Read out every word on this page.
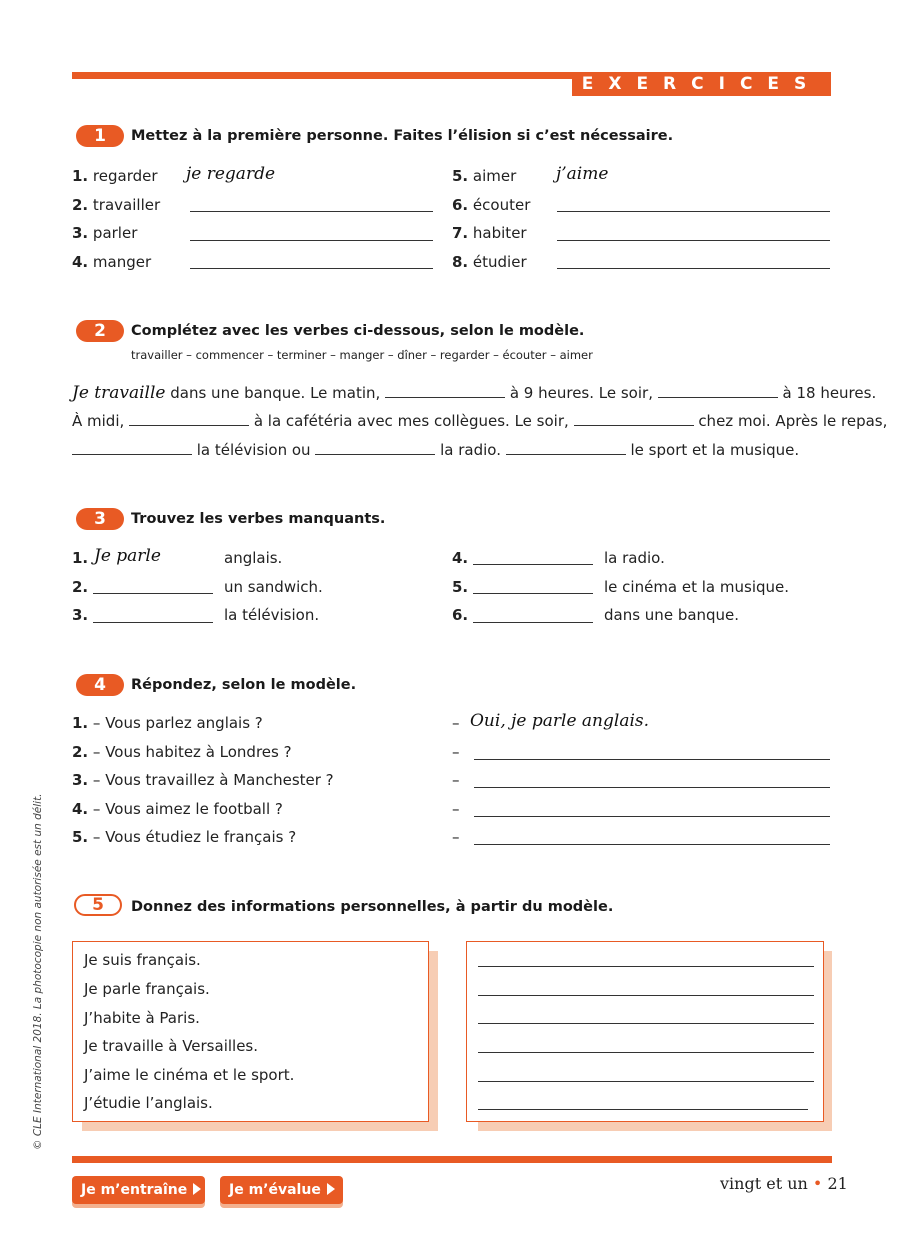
EXERCICES
1	Mettez à la première personne. Faites l’élision si c’est nécessaire.
1. regarder je regarde
2. travailler
3. parler
4. manger
5. aimer j’aime
6. écouter
7. habiter
8. étudier
2	Complétez avec les verbes ci-dessous, selon le modèle.
travailler – commencer – terminer – manger – dîner – regarder – écouter – aimer
Je travaille dans une banque. Le matin,	à 9 heures. Le soir,	à 18 heures.
À midi,	à la cafétéria avec mes collègues. Le soir,	chez moi. Après le repas,
la télévision ou	la radio.	le sport et la musique.
3	Trouvez les verbes manquants.
1. Je parle	anglais.
2.	un sandwich.
3.	la télévision.
4.	la radio.
5.	le cinéma et la musique.
6.	dans une banque.
4	Répondez, selon le modèle.
1. – Vous parlez anglais ?	– Oui, je parle anglais.
2. – Vous habitez à Londres ?	–
3. – Vous travaillez à Manchester ?	–
4. – Vous aimez le football ?	–
5. – Vous étudiez le français ?	–
5	Donnez des informations personnelles, à partir du modèle.
Je suis français.
Je parle français.
J’habite à Paris.
Je travaille à Versailles.
J’aime le cinéma et le sport.
J’étudie l’anglais.
Je m’entraîne	Je m’évalue	vingt et un • 21
© CLE International 2018. La photocopie non autorisée est un délit.
